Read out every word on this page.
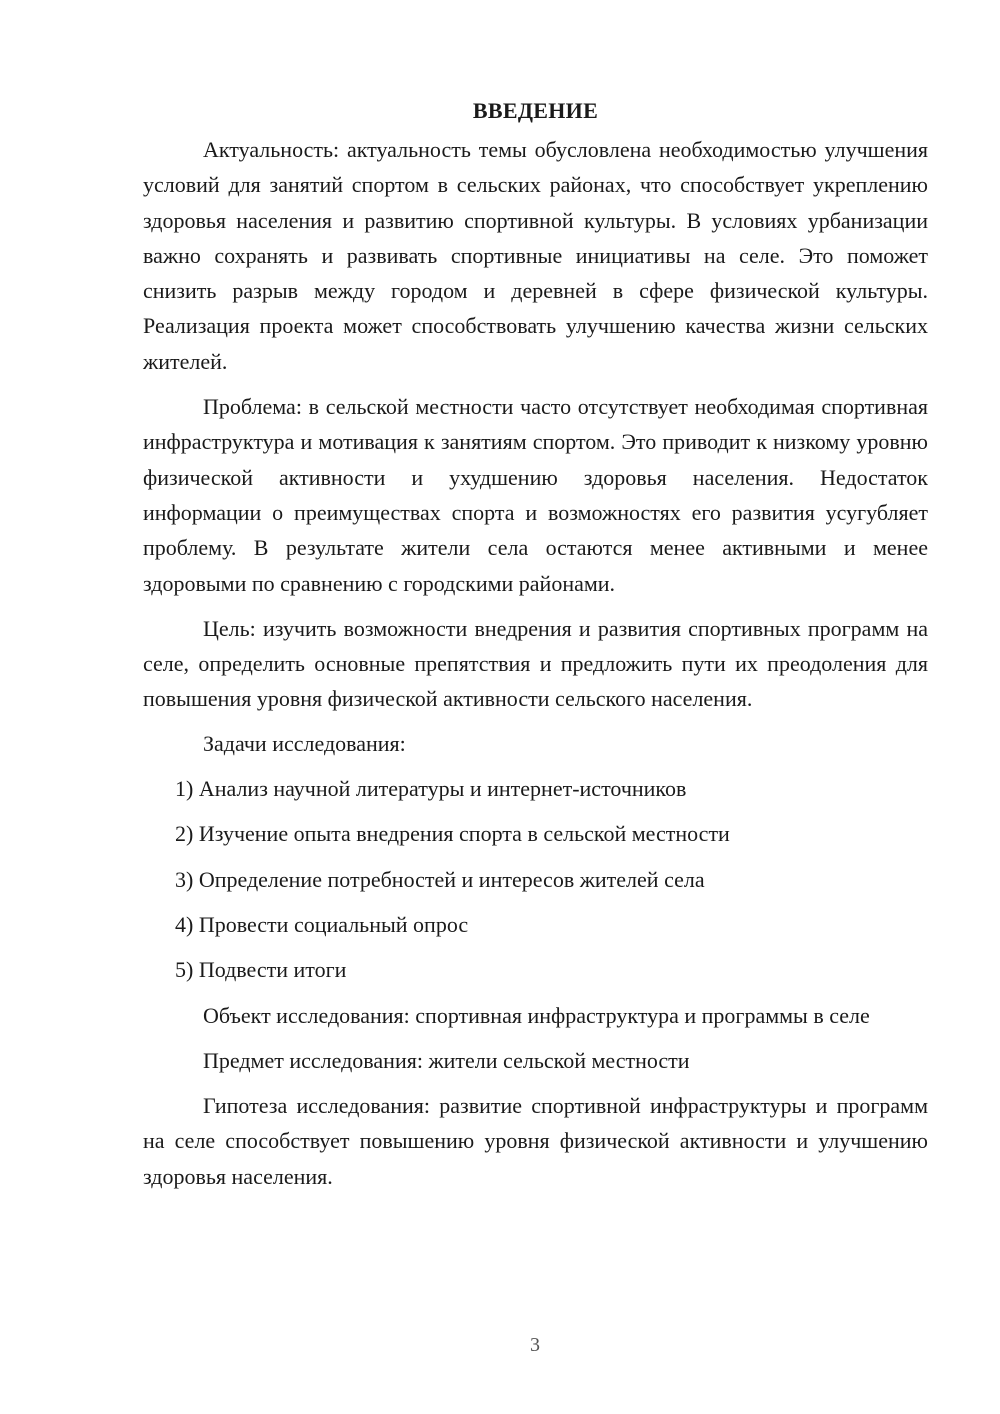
ВВЕДЕНИЕ

Актуальность: актуальность темы обусловлена необходимостью улучшения условий для занятий спортом в сельских районах, что способствует укреплению здоровья населения и развитию спортивной культуры. В условиях урбанизации важно сохранять и развивать спортивные инициативы на селе. Это поможет снизить разрыв между городом и деревней в сфере физической культуры. Реализация проекта может способствовать улучшению качества жизни сельских жителей.

Проблема: в сельской местности часто отсутствует необходимая спортивная инфраструктура и мотивация к занятиям спортом. Это приводит к низкому уровню физической активности и ухудшению здоровья населения. Недостаток информации о преимуществах спорта и возможностях его развития усугубляет проблему. В результате жители села остаются менее активными и менее здоровыми по сравнению с городскими районами.

Цель: изучить возможности внедрения и развития спортивных программ на селе, определить основные препятствия и предложить пути их преодоления для повышения уровня физической активности сельского населения.

Задачи исследования:

1) Анализ научной литературы и интернет-источников

2) Изучение опыта внедрения спорта в сельской местности

3) Определение потребностей и интересов жителей села

4) Провести социальный опрос

5) Подвести итоги

Объект исследования: спортивная инфраструктура и программы в селе

Предмет исследования: жители сельской местности

Гипотеза исследования: развитие спортивной инфраструктуры и программ на селе способствует повышению уровня физической активности и улучшению здоровья населения.

3
